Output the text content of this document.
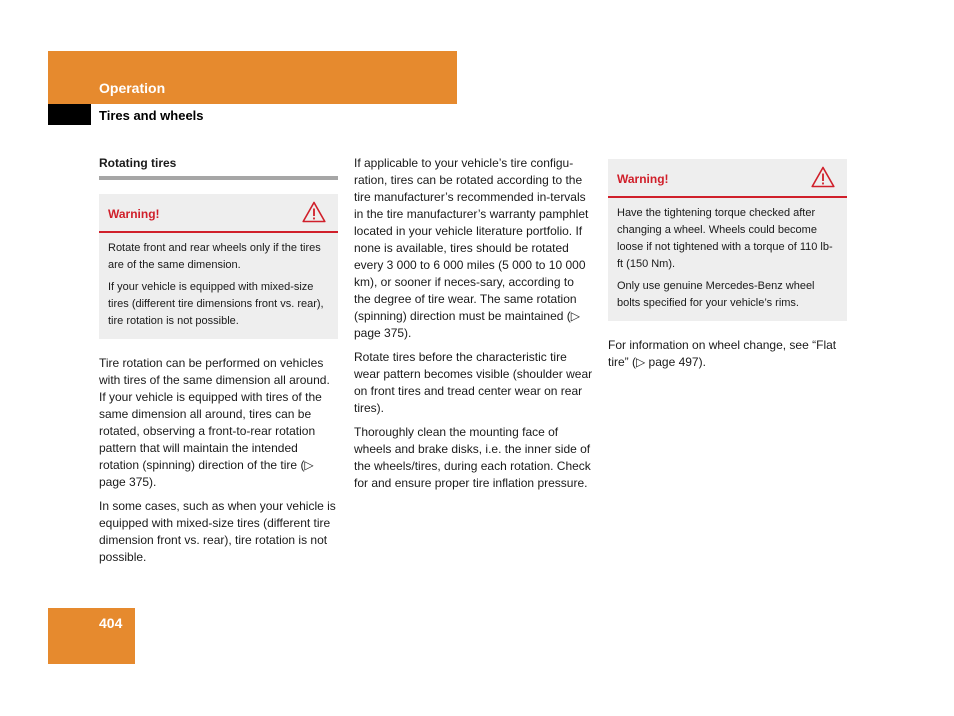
Operation
Tires and wheels
Rotating tires
Warning!

Rotate front and rear wheels only if the tires are of the same dimension.

If your vehicle is equipped with mixed-size tires (different tire dimensions front vs. rear), tire rotation is not possible.

Tire rotation can be performed on vehicles with tires of the same dimension all around. If your vehicle is equipped with tires of the same dimension all around, tires can be rotated, observing a front-to-rear rotation pattern that will maintain the intended rotation (spinning) direction of the tire (▷ page 375).

In some cases, such as when your vehicle is equipped with mixed-size tires (different tire dimension front vs. rear), tire rotation is not possible.

If applicable to your vehicle’s tire configu-ration, tires can be rotated according to the tire manufacturer’s recommended in-tervals in the tire manufacturer’s warranty pamphlet located in your vehicle literature portfolio. If none is available, tires should be rotated every 3 000 to 6 000 miles (5 000 to 10 000 km), or sooner if neces-sary, according to the degree of tire wear. The same rotation (spinning) direction must be maintained (▷ page 375).

Rotate tires before the characteristic tire wear pattern becomes visible (shoulder wear on front tires and tread center wear on rear tires).

Thoroughly clean the mounting face of wheels and brake disks, i.e. the inner side of the wheels/tires, during each rotation. Check for and ensure proper tire inflation pressure.

Warning!

Have the tightening torque checked after changing a wheel. Wheels could become loose if not tightened with a torque of 110 lb-ft (150 Nm).

Only use genuine Mercedes-Benz wheel bolts specified for your vehicle’s rims.

For information on wheel change, see “Flat tire” (▷ page 497).

404
